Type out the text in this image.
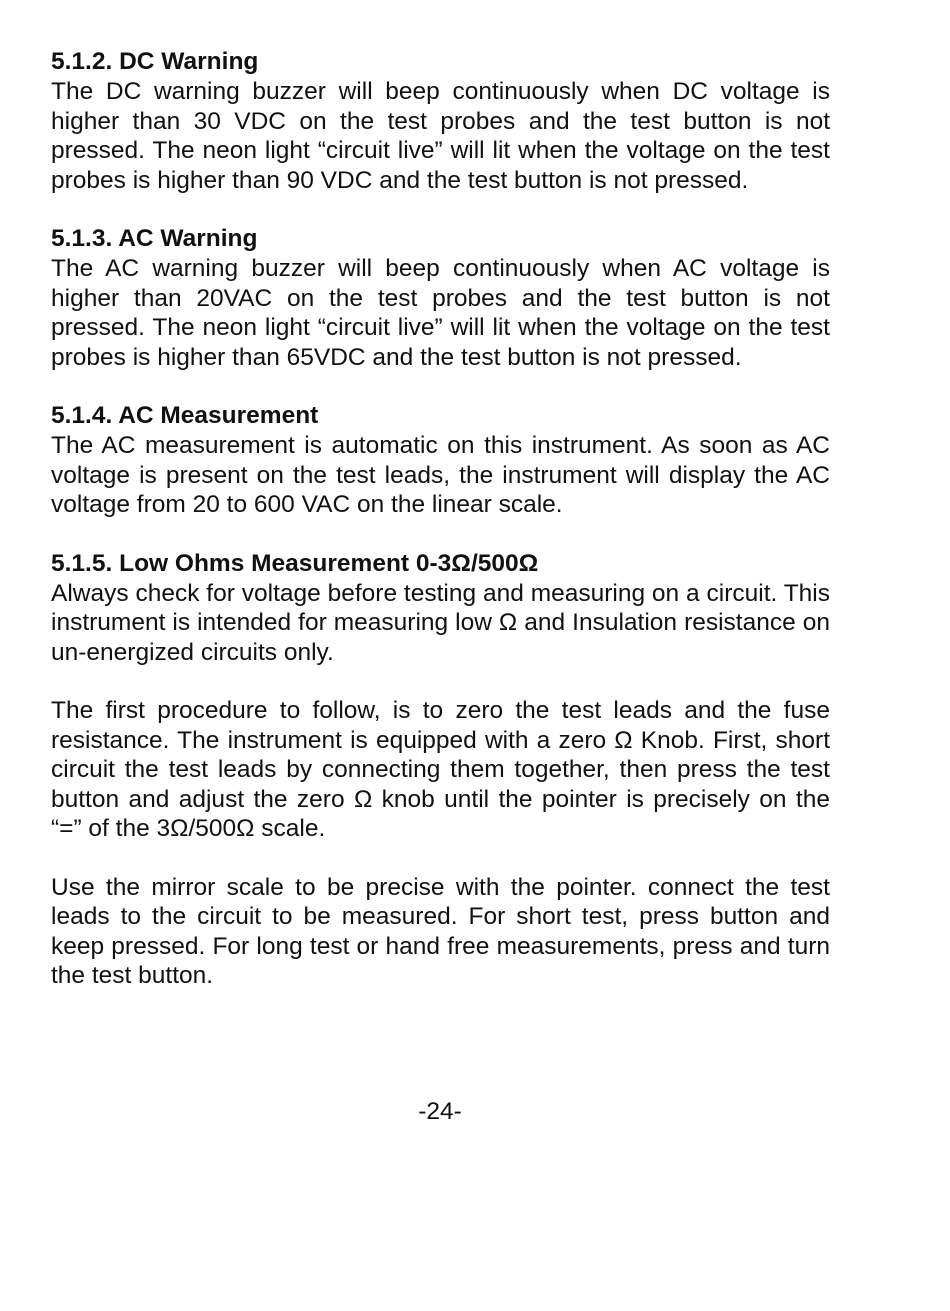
5.1.2. DC Warning

The DC warning buzzer will beep continuously when DC voltage is higher than 30 VDC on the test probes and the test button is not pressed. The neon light “circuit live” will lit when the voltage on the test probes is higher than 90 VDC and the test button is not pressed.

5.1.3. AC Warning

The AC warning buzzer will beep continuously when AC voltage is higher than 20VAC on the test probes and the test button is not pressed. The neon light “circuit live” will lit when the voltage on the test probes is higher than 65VDC and the test button is not pressed.

5.1.4. AC Measurement

The AC measurement is automatic on this instrument. As soon as AC voltage is present on the test leads, the instrument will display the AC voltage from 20 to 600 VAC on the linear scale.

5.1.5. Low Ohms Measurement 0-3Ω/500Ω

Always check for voltage before testing and measuring on a circuit. This instrument is intended for measuring low Ω and Insulation resistance on un-energized circuits only.

The first procedure to follow, is to zero the test leads and the fuse resistance. The instrument is equipped with a zero Ω Knob. First, short circuit the test leads by connecting them together, then press the test button and adjust the zero Ω knob until the pointer is precisely on the “=” of the 3Ω/500Ω scale.

Use the mirror scale to be precise with the pointer. connect the test leads to the circuit to be measured. For short test, press button and keep pressed. For long test or hand free measurements, press and turn the test button.

-24-
